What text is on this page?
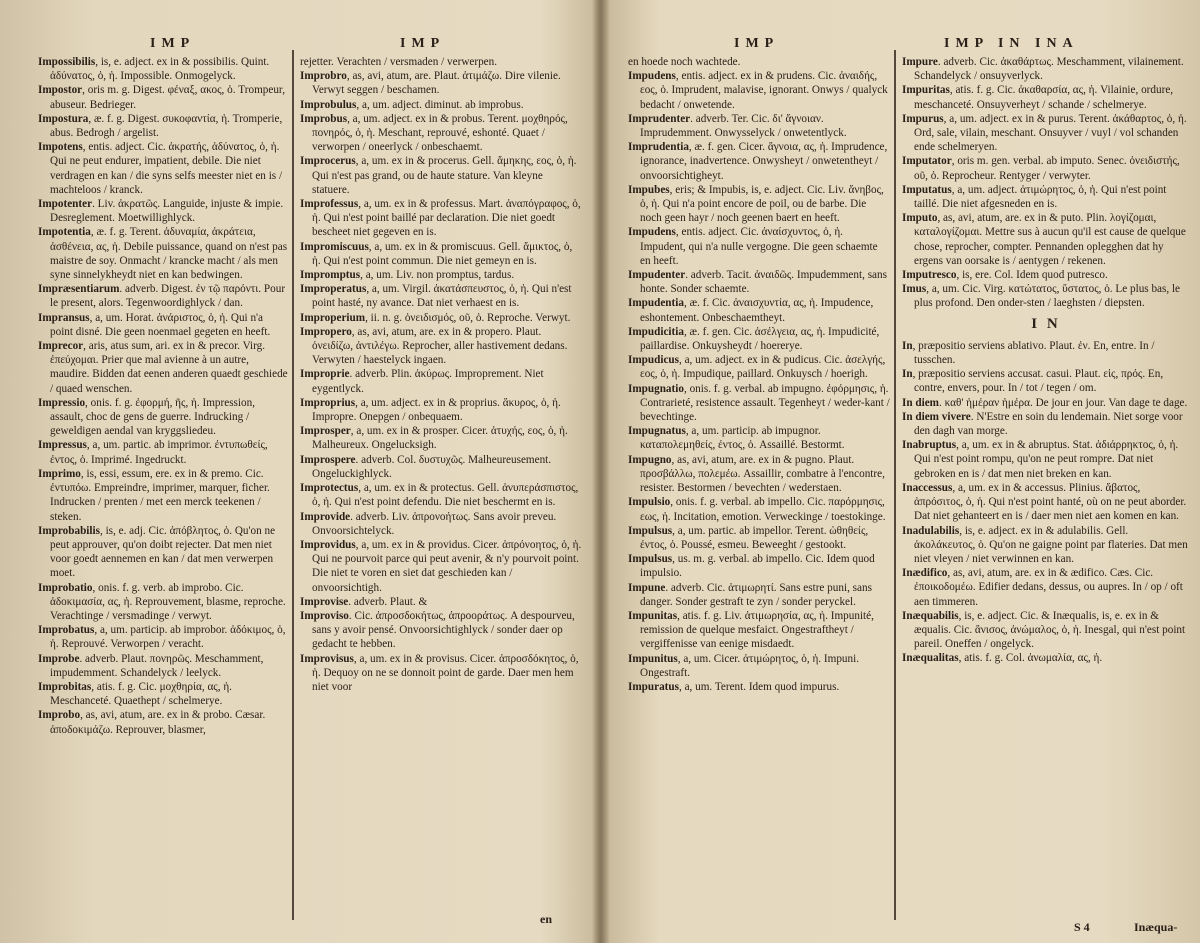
IMP	IMP

Impossibilis, is, e. adject. ex in & possibilis. Quint. ἀδύνατος, ὁ, ἡ. Impossible. Onmogelyck.

Impostor, oris m. g. Digest. φέναξ, ακος, ὁ. Trompeur, abuseur. Bedrieger.

Impostura, æ. f. g. Digest. συκοφαντία, ἡ. Tromperie, abus. Bedrogh / argelist.

Impotens, entis. adject. Cic. ἀκρατής, ἀδύνατος, ὁ, ἡ. Qui ne peut endurer, impatient, debile. Die niet verdragen en kan / die syns selfs meester niet en is / machteloos / kranck.

Impotenter. Liv. ἀκρατῶς. Languide, injuste & impie. Desreglement. Moetwillighlyck.

Impotentia, æ. f. g. Terent. ἀδυναμία, ἀκράτεια, ἀσθένεια, ας, ἡ. Debile puissance, quand on n'est pas maistre de soy. Onmacht / krancke macht / als men syne sinnelykheydt niet en kan bedwingen.

Impræsentiarum. adverb. Digest. ἐν τῷ παρόντι. Pour le present, alors. Tegenwoordighlyck / dan.

Impransus, a, um. Horat. ἀνάριστος, ὁ, ἡ. Qui n'a point disné. Die geen noenmael gegeten en heeft.

Imprecor, aris, atus sum, ari. ex in & precor. Virg. ἐπεύχομαι. Prier que mal avienne à un autre, maudire. Bidden dat eenen anderen quaedt geschiede / quaed wenschen.

Impressio, onis. f. g. ἐφορμή, ῆς, ἡ. Impression, assault, choc de gens de guerre. Indrucking / geweldigen aendal van kryggsliedeu.

Impressus, a, um. partic. ab imprimor. ἐντυπωθείς, ἐντος, ὁ. Imprimé. Ingedruckt.

Imprimo, is, essi, essum, ere. ex in & premo. Cic. ἐντυπόω. Empreindre, imprimer, marquer, ficher. Indrucken / prenten / met een merck teekenen / steken.

Improbabilis, is, e. adj. Cic. ἀπόβλητος, ὁ. Qu'on ne peut approuver, qu'on doibt rejecter. Dat men niet voor goedt aennemen en kan / dat men verwerpen moet.

Improbatio, onis. f. g. verb. ab improbo. Cic. ἀδοκιμασία, ας, ἡ. Reprouvement, blasme, reproche. Verachtinge / versmadinge / verwyt.

Improbatus, a, um. particip. ab improbor. ἀδόκιμος, ὁ, ἡ. Reprouvé. Verworpen / veracht.

Improbe. adverb. Plaut. πονηρῶς. Meschamment, impudemment. Schandelyck / leelyck.

Improbitas, atis. f. g. Cic. μοχθηρία, ας, ἡ. Meschanceté. Quaethept / schelmerye.

Improbo, as, avi, atum, are. ex in & probo. Cæsar. ἀποδοκιμάζω. Reprouver, blasmer,

rejetter. Verachten / versmaden / verwerpen.

Improbro, as, avi, atum, are. Plaut. ἀτιμάζω. Dire vilenie. Verwyt seggen / beschamen.

Improbulus, a, um. adject. diminut. ab improbus.

Improbus, a, um. adject. ex in & probus. Terent. μοχθηρός, πονηρός, ὁ, ἡ. Meschant, reprouvé, eshonté. Quaet / verworpen / oneerlyck / onbeschaemt.

Improcerus, a, um. ex in & procerus. Gell. ἄμηκης, εος, ὁ, ἡ. Qui n'est pas grand, ou de haute stature. Van kleyne statuere.

Improfessus, a, um. ex in & professus. Mart. ἀναπόγραφος, ὁ, ἡ. Qui n'est point baillé par declaration. Die niet goedt bescheet niet gegeven en is.

Impromiscuus, a, um. ex in & promiscuus. Gell. ἄμικτος, ὁ, ἡ. Qui n'est point commun. Die niet gemeyn en is.

Impromptus, a, um. Liv. non promptus, tardus.

Improperatus, a, um. Virgil. ἀκατάσπευστος, ὁ, ἡ. Qui n'est point hasté, ny avance. Dat niet verhaest en is.

Improperium, ii. n. g. ὀνειδισμός, οῦ, ὁ. Reproche. Verwyt.

Impropero, as, avi, atum, are. ex in & propero. Plaut. ὀνειδίζω, ἀντιλέγω. Reprocher, aller hastivement dedans. Verwyten / haestelyck ingaen.

Improprie. adverb. Plin. ἀκύρως. Improprement. Niet eygentlyck.

Improprius, a, um. adject. ex in & proprius. ἄκυρος, ὁ, ἡ. Impropre. Onepgen / onbequaem.

Improsper, a, um. ex in & prosper. Cicer. ἀτυχής, εος, ὁ, ἡ. Malheureux. Ongelucksigh.

Improspere. adverb. Col. δυστυχῶς. Malheureusement. Ongeluckighlyck.

Improtectus, a, um. ex in & protectus. Gell. ἀνυπεράσπιστος, ὁ, ἡ. Qui n'est point defendu. Die niet beschermt en is.

Improvide. adverb. Liv. ἀπρονοήτως. Sans avoir preveu. Onvoorsichtelyck.

Improvidus, a, um. ex in & providus. Cicer. ἀπρόνοητος, ὁ, ἡ. Qui ne pourvoit parce qui peut avenir, & n'y pourvoit point. Die niet te voren en siet dat geschieden kan / onvoorsichtigh.

Improvise. adverb. Plaut. &

Improviso. Cic. ἀπροσδοκήτως, ἀπροοράτως. A despourveu, sans y avoir pensé. Onvoorsichtighlyck / sonder daer op gedacht te hebben.

Improvisus, a, um. ex in & provisus. Cicer. ἀπροσδόκητος, ὁ, ἡ. Dequoy on ne se donnoit point de garde. Daer men hem niet voor

en
IMP	IMP IN INA

en hoede noch wachtede.

Impudens, entis. adject. ex in & prudens. Cic. ἀναιδής, εος, ὁ. Imprudent, malavise, ignorant. Onwys / qualyck bedacht / onwetende.

Imprudenter. adverb. Ter. Cic. δι' ἄγνοιαν. Imprudemment. Onwysselyck / onwetentlyck.

Imprudentia, æ. f. gen. Cicer. ἄγνοια, ας, ἡ. Imprudence, ignorance, inadvertence. Onwysheyt / onwetentheyt / onvoorsichtigheyt.

Impubes, eris; & Impubis, is, e. adject. Cic. Liv. ἄνηβος, ὁ, ἡ. Qui n'a point encore de poil, ou de barbe. Die noch geen hayr / noch geenen baert en heeft.

Impudens, entis. adject. Cic. ἀναίσχυντος, ὁ, ἡ. Impudent, qui n'a nulle vergogne. Die geen schaemte en heeft.

Impudenter. adverb. Tacit. ἀναιδῶς. Impudemment, sans honte. Sonder schaemte.

Impudentia, æ. f. Cic. ἀναισχυντία, ας, ἡ. Impudence, eshontement. Onbeschaemtheyt.

Impudicitia, æ. f. gen. Cic. ἀσέλγεια, ας, ἡ. Impudicité, paillardise. Onkuysheydt / hoererye.

Impudicus, a, um. adject. ex in & pudicus. Cic. ἀσελγής, εος, ὁ, ἡ. Impudique, paillard. Onkuysch / hoerigh.

Impugnatio, onis. f. g. verbal. ab impugno. ἐφόρμησις, ἡ. Contrarieté, resistence assault. Tegenheyt / weder-kant / bevechtinge.

Impugnatus, a, um. particip. ab impugnor. καταπολεμηθείς, έντος, ὁ. Assaillé. Bestormt.

Impugno, as, avi, atum, are. ex in & pugno. Plaut. προσβάλλω, πολεμέω. Assaillir, combatre à l'encontre, resister. Bestormen / bevechten / wederstaen.

Impulsio, onis. f. g. verbal. ab impello. Cic. παρόρμησις, εως, ἡ. Incitation, emotion. Verweckinge / toestokinge.

Impulsus, a, um. partic. ab impellor. Terent. ὠθηθείς, έντος, ὁ. Poussé, esmeu. Beweeght / gestookt.

Impulsus, us. m. g. verbal. ab impello. Cic. Idem quod impulsio.

Impune. adverb. Cic. ἀτιμωρητί. Sans estre puni, sans danger. Sonder gestraft te zyn / sonder peryckel.

Impunitas, atis. f. g. Liv. ἀτιμωρησία, ας, ἡ. Impunité, remission de quelque mesfaict. Ongestraftheyt / vergiffenisse van eenige misdaedt.

Impunitus, a, um. Cicer. ἀτιμώρητος, ὁ, ἡ. Impuni. Ongestraft.

Impuratus, a, um. Terent. Idem quod impurus.

Impure. adverb. Cic. ἀκαθάρτως. Meschamment, vilainement. Schandelyck / onsuyverlyck.

Impuritas, atis. f. g. Cic. ἀκαθαρσία, ας, ἡ. Vilainie, ordure, meschanceté. Onsuyverheyt / schande / schelmerye.

Impurus, a, um. adject. ex in & purus. Terent. ἀκάθαρτος, ὁ, ἡ. Ord, sale, vilain, meschant. Onsuyver / vuyl / vol schanden ende schelmeryen.

Imputator, oris m. gen. verbal. ab imputo. Senec. ὀνειδιστής, οῦ, ὁ. Reprocheur. Rentyger / verwyter.

Imputatus, a, um. adject. ἀτιμώρητος, ὁ, ἡ. Qui n'est point taillé. Die niet afgesneden en is.

Imputo, as, avi, atum, are. ex in & puto. Plin. λογίζομαι, καταλογίζομαι. Mettre sus à aucun qu'il est cause de quelque chose, reprocher, compter. Pennanden oplegghen dat hy ergens van oorsake is / aentygen / rekenen.

Imputresco, is, ere. Col. Idem quod putresco.

Imus, a, um. Cic. Virg. κατώτατος, ὕστατος, ὁ. Le plus bas, le plus profond. Den onder-sten / laeghsten / diepsten.

I N

In, præpositio serviens ablativo. Plaut. ἐν. En, entre. In / tusschen.

In, præpositio serviens accusat. casui. Plaut. εἰς, πρός. En, contre, envers, pour. In / tot / tegen / om.

In diem. καθ' ἡμέραν ἡμέρα. De jour en jour. Van dage te dage.

In diem vivere. N'Estre en soin du lendemain. Niet sorge voor den dagh van morge.

Inabruptus, a, um. ex in & abruptus. Stat. ἀδιάρρηκτος, ὁ, ἡ. Qui n'est point rompu, qu'on ne peut rompre. Dat niet gebroken en is / dat men niet breken en kan.

Inaccessus, a, um. ex in & accessus. Plinius. ἄβατος, ἀπρόσιτος, ὁ, ἡ. Qui n'est point hanté, où on ne peut aborder. Dat niet gehanteert en is / daer men niet aen komen en kan.

Inadulabilis, is, e. adject. ex in & adulabilis. Gell. ἀκολάκευτος, ὁ. Qu'on ne gaigne point par flateries. Dat men niet vleyen / niet verwinnen en kan.

Inædifico, as, avi, atum, are. ex in & ædifico. Cæs. Cic. ἐποικοδομέω. Edifier dedans, dessus, ou aupres. In / op / oft aen timmeren.

Inæquabilis, is, e. adject. Cic. & Inæqualis, is, e. ex in & æqualis. Cic. ἄνισος, ἀνώμαλος, ὁ, ἡ. Inesgal, qui n'est point pareil. Oneffen / ongelyck.

Inæqualitas, atis. f. g. Col. ἀνωμαλία, ας, ἡ.

S 4	Inæqua-
